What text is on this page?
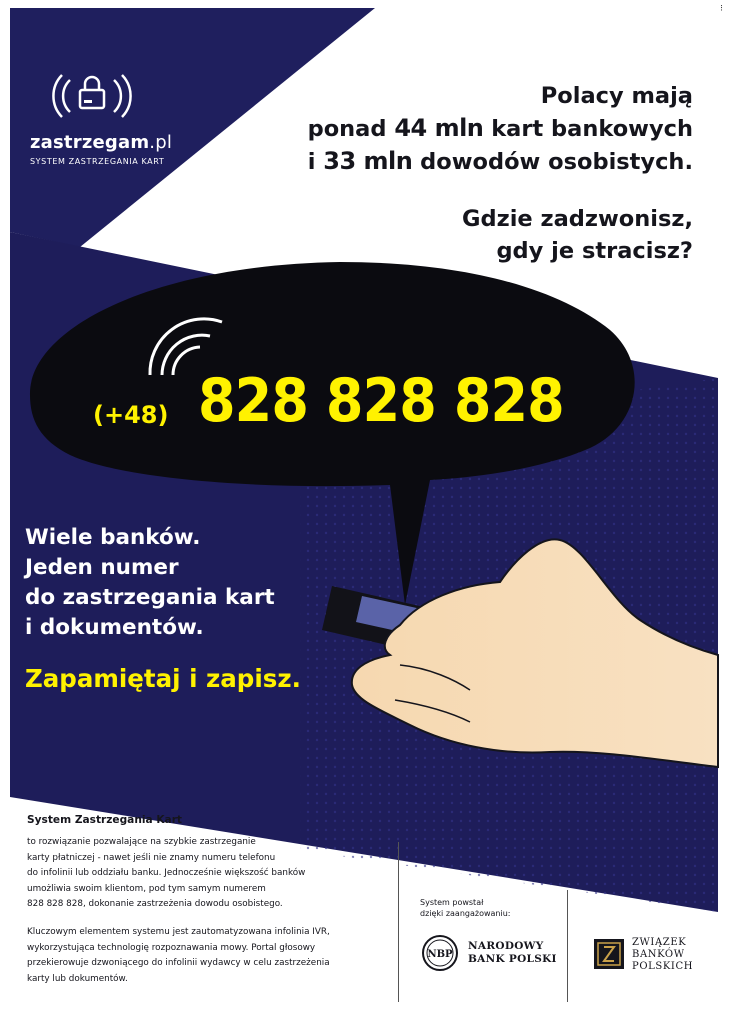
⁝
zastrzegam.pl
SYSTEM ZASTRZEGANIA KART
Polacy mają
ponad 44 mln kart bankowych
i 33 mln dowodów osobistych.
Gdzie zadzwonisz,
gdy je stracisz?
(+48) 828 828 828
Wiele banków.
Jeden numer
do zastrzegania kart
i dokumentów.
Zapamiętaj i zapisz.
System Zastrzegania Kart

to rozwiązanie pozwalające na szybkie zastrzeganie
karty płatniczej - nawet jeśli nie znamy numeru telefonu
do infolinii lub oddziału banku. Jednocześnie większość banków
umożliwia swoim klientom, pod tym samym numerem
828 828 828, dokonanie zastrzeżenia dowodu osobistego.

Kluczowym elementem systemu jest zautomatyzowana infolinia IVR,
wykorzystująca technologię rozpoznawania mowy. Portal głosowy
przekierowuje dzwoniącego do infolinii wydawcy w celu zastrzeżenia
karty lub dokumentów.

System powstał
dzięki zaangażowaniu:
NBP
NARODOWY
BANK POLSKI
ZWIĄZEK
BANKÓW
POLSKICH
